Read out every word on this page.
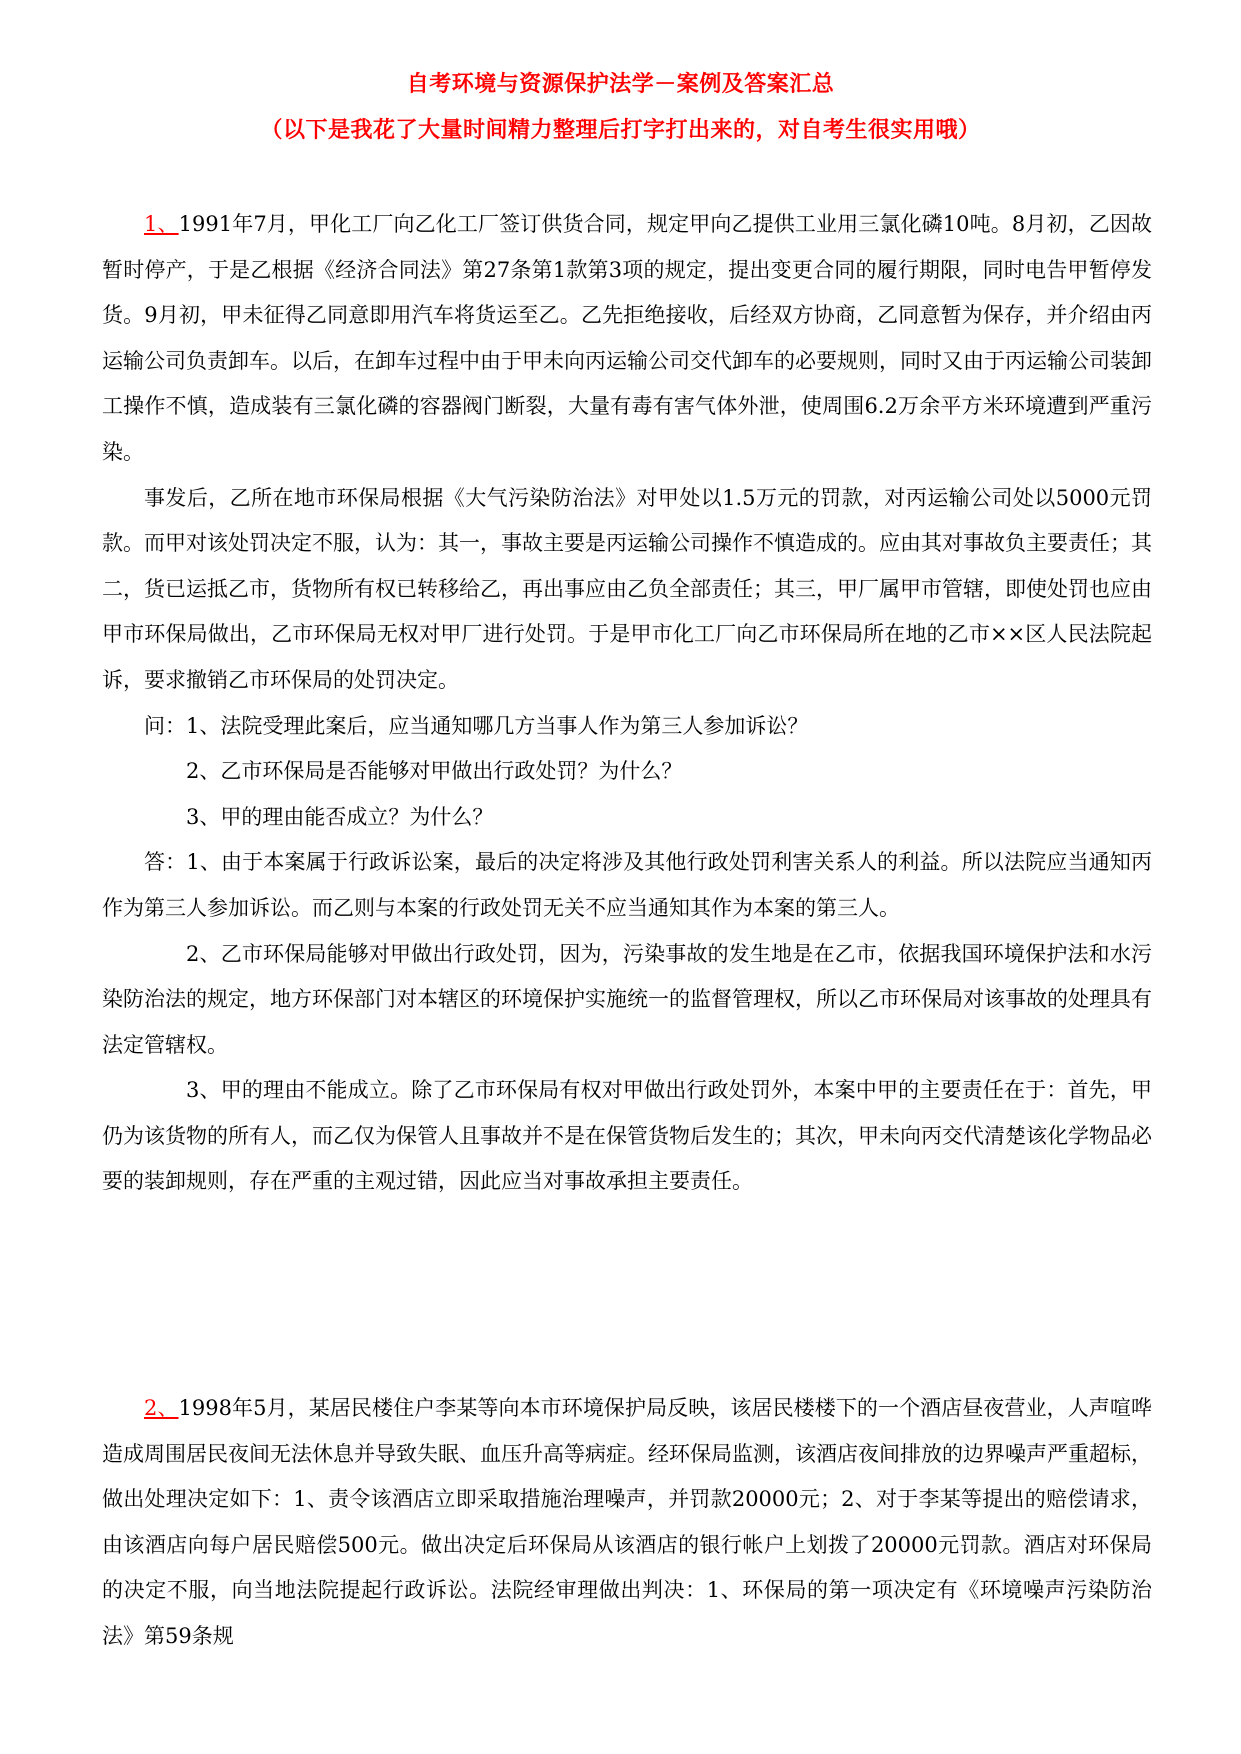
自考环境与资源保护法学－案例及答案汇总

（以下是我花了大量时间精力整理后打字打出来的，对自考生很实用哦）

1、1991年7月，甲化工厂向乙化工厂签订供货合同，规定甲向乙提供工业用三氯化磷10吨。8月初，乙因故暂时停产，于是乙根据《经济合同法》第27条第1款第3项的规定，提出变更合同的履行期限，同时电告甲暂停发货。9月初，甲未征得乙同意即用汽车将货运至乙。乙先拒绝接收，后经双方协商，乙同意暂为保存，并介绍由丙运输公司负责卸车。以后，在卸车过程中由于甲未向丙运输公司交代卸车的必要规则，同时又由于丙运输公司装卸工操作不慎，造成装有三氯化磷的容器阀门断裂，大量有毒有害气体外泄，使周围6.2万余平方米环境遭到严重污染。

事发后，乙所在地市环保局根据《大气污染防治法》对甲处以1.5万元的罚款，对丙运输公司处以5000元罚款。而甲对该处罚决定不服，认为：其一，事故主要是丙运输公司操作不慎造成的。应由其对事故负主要责任；其二，货已运抵乙市，货物所有权已转移给乙，再出事应由乙负全部责任；其三，甲厂属甲市管辖，即使处罚也应由甲市环保局做出，乙市环保局无权对甲厂进行处罚。于是甲市化工厂向乙市环保局所在地的乙市××区人民法院起诉，要求撤销乙市环保局的处罚决定。

问：1、法院受理此案后，应当通知哪几方当事人作为第三人参加诉讼？

2、乙市环保局是否能够对甲做出行政处罚？为什么？

3、甲的理由能否成立？为什么？

答：1、由于本案属于行政诉讼案，最后的决定将涉及其他行政处罚利害关系人的利益。所以法院应当通知丙作为第三人参加诉讼。而乙则与本案的行政处罚无关不应当通知其作为本案的第三人。

2、乙市环保局能够对甲做出行政处罚，因为，污染事故的发生地是在乙市，依据我国环境保护法和水污染防治法的规定，地方环保部门对本辖区的环境保护实施统一的监督管理权，所以乙市环保局对该事故的处理具有法定管辖权。

3、甲的理由不能成立。除了乙市环保局有权对甲做出行政处罚外，本案中甲的主要责任在于：首先，甲仍为该货物的所有人，而乙仅为保管人且事故并不是在保管货物后发生的；其次，甲未向丙交代清楚该化学物品必要的装卸规则，存在严重的主观过错，因此应当对事故承担主要责任。

2、1998年5月，某居民楼住户李某等向本市环境保护局反映，该居民楼楼下的一个酒店昼夜营业，人声喧哗造成周围居民夜间无法休息并导致失眠、血压升高等病症。经环保局监测，该酒店夜间排放的边界噪声严重超标，做出处理决定如下：1、责令该酒店立即采取措施治理噪声，并罚款20000元；2、对于李某等提出的赔偿请求，由该酒店向每户居民赔偿500元。做出决定后环保局从该酒店的银行帐户上划拨了20000元罚款。酒店对环保局的决定不服，向当地法院提起行政诉讼。法院经审理做出判决：1、环保局的第一项决定有《环境噪声污染防治法》第59条规
